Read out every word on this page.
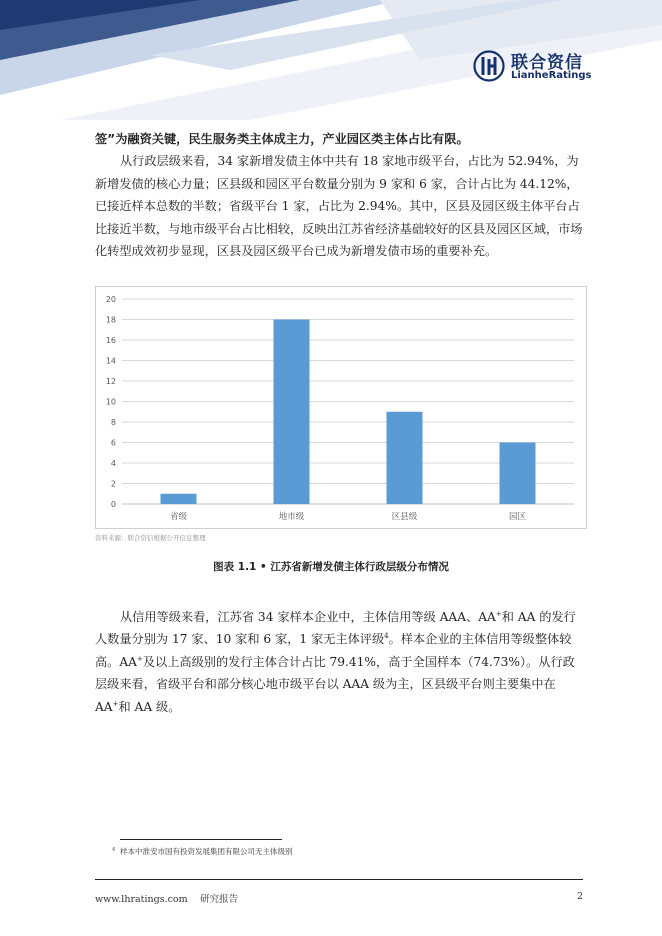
联合资信
LianheRatings
签”为融资关键，民生服务类主体成主力，产业园区类主体占比有限。
从行政层级来看，34 家新增发债主体中共有 18 家地市级平台，占比为 52.94%，为新增发债的核心力量；区县级和园区平台数量分别为 9 家和 6 家，合计占比为 44.12%，已接近样本总数的半数；省级平台 1 家，占比为 2.94%。其中，区县及园区级主体平台占比接近半数，与地市级平台占比相较，反映出江苏省经济基础较好的区县及园区区域，市场化转型成效初步显现，区县及园区级平台已成为新增发债市场的重要补充。
0
2
4
6
8
10
12
14
16
18
20
省级	地市级	区县级	园区
资料来源：联合资信根据公开信息整理
图表 1.1 • 江苏省新增发债主体行政层级分布情况
从信用等级来看，江苏省 34 家样本企业中，主体信用等级 AAA、AA+和 AA 的发行人数量分别为 17 家、10 家和 6 家，1 家无主体评级$^4$。样本企业的主体信用等级整体较高。AA+及以上高级别的发行主体合计占比 79.41%，高于全国样本（74.73%）。从行政层级来看，省级平台和部分核心地市级平台以 AAA 级为主，区县级平台则主要集中在 AA+和 AA 级。
$^4$ 样本中淮安市国有投资发展集团有限公司无主体级别
www.lhratings.com　 研究报告	2
